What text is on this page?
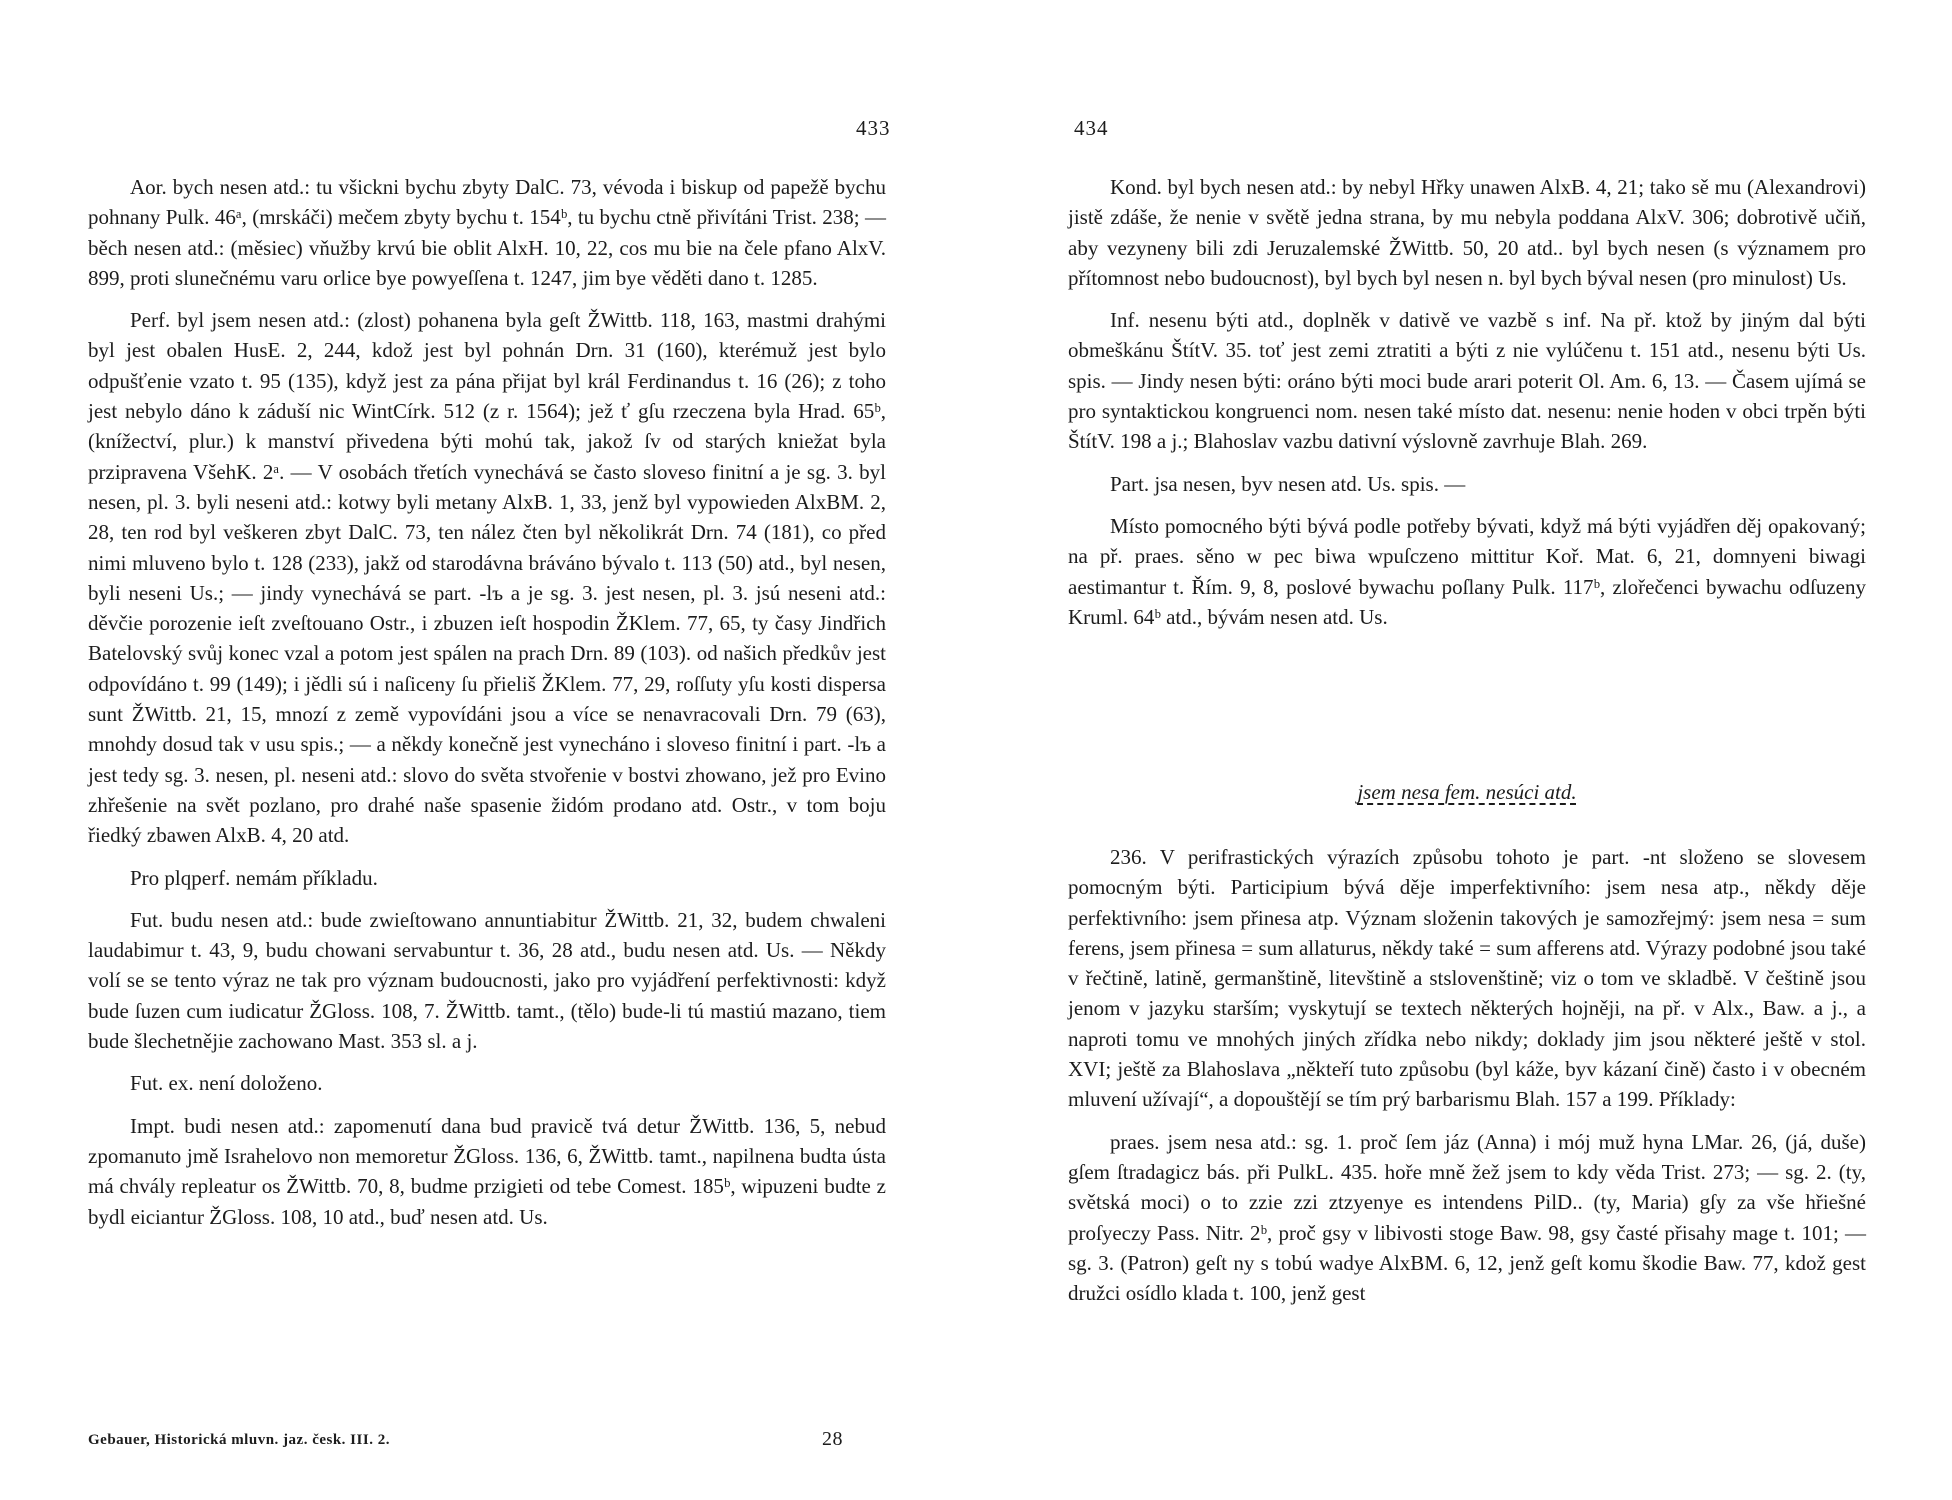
433

Aor. bych nesen atd.: tu všickni bychu zbyty DalC. 73, vévoda i biskup od papežě bychu pohnany Pulk. 46ᵃ, (mrskáči) mečem zbyty bychu t. 154ᵇ, tu bychu ctně přivítáni Trist. 238; — běch nesen atd.: (měsiec) vňužby krvú bie oblit AlxH. 10, 22, cos mu bie na čele pfano AlxV. 899, proti slunečnému varu orlice bye powyeſſena t. 1247, jim bye věděti dano t. 1285.

Perf. byl jsem nesen atd.: (zlost) pohanena byla geſt ŽWittb. 118, 163, mastmi drahými byl jest obalen HusE. 2, 244, kdož jest byl pohnán Drn. 31 (160), kterémuž jest bylo odpušťenie vzato t. 95 (135), když jest za pána přijat byl král Ferdinandus t. 16 (26); z toho jest nebylo dáno k záduší nic WintCírk. 512 (z r. 1564); jež ť gſu rzeczena byla Hrad. 65ᵇ, (knížectví, plur.) k manství přivedena býti mohú tak, jakož ſv od starých kniežat byla przipravena VšehK. 2ᵃ. — V osobách třetích vynechává se často sloveso finitní a je sg. 3. byl nesen, pl. 3. byli neseni atd.: kotwy byli metany AlxB. 1, 33, jenž byl vypowieden AlxBM. 2, 28, ten rod byl veškeren zbyt DalC. 73, ten nález čten byl několikrát Drn. 74 (181), co před nimi mluveno bylo t. 128 (233), jakž od starodávna bráváno bývalo t. 113 (50) atd., byl nesen, byli neseni Us.; — jindy vynechává se part. -lъ a je sg. 3. jest nesen, pl. 3. jsú neseni atd.: děvčie porozenie ieſt zveſtouano Ostr., i zbuzen ieſt hospodin ŽKlem. 77, 65, ty časy Jindřich Batelovský svůj konec vzal a potom jest spálen na prach Drn. 89 (103). od našich předkův jest odpovídáno t. 99 (149); i jědli sú i naſiceny ſu přieliš ŽKlem. 77, 29, roſſuty yſu kosti dispersa sunt ŽWittb. 21, 15, mnozí z země vypovídáni jsou a více se nenavracovali Drn. 79 (63), mnohdy dosud tak v usu spis.; — a někdy konečně jest vynecháno i sloveso finitní i part. -lъ a jest tedy sg. 3. nesen, pl. neseni atd.: slovo do světa stvořenie v bostvi zhowano, jež pro Evino zhřešenie na svět pozlano, pro drahé naše spasenie židóm prodano atd. Ostr., v tom boju řiedký zbawen AlxB. 4, 20 atd.

Pro plqperf. nemám příkladu.

Fut. budu nesen atd.: bude zwieſtowano annuntiabitur ŽWittb. 21, 32, budem chwaleni laudabimur t. 43, 9, budu chowani servabuntur t. 36, 28 atd., budu nesen atd. Us. — Někdy volí se se tento výraz ne tak pro význam budoucnosti, jako pro vyjádření perfektivnosti: když bude ſuzen cum iudicatur ŽGloss. 108, 7. ŽWittb. tamt., (tělo) bude-li tú mastiú mazano, tiem bude šlechetnějie zachowano Mast. 353 sl. a j.

Fut. ex. není doloženo.

Impt. budi nesen atd.: zapomenutí dana bud pravicě tvá detur ŽWittb. 136, 5, nebud zpomanuto jmě Israhelovo non memoretur ŽGloss. 136, 6, ŽWittb. tamt., napilnena budta ústa má chvály repleatur os ŽWittb. 70, 8, budme przigieti od tebe Comest. 185ᵇ, wipuzeni budte z bydl eiciantur ŽGloss. 108, 10 atd., buď nesen atd. Us.

Gebauer, Historická mluvn. jaz. česk. III. 2.	28
434

Kond. byl bych nesen atd.: by nebyl Hřky unawen AlxB. 4, 21; tako sě mu (Alexandrovi) jistě zdáše, že nenie v světě jedna strana, by mu nebyla poddana AlxV. 306; dobrotivě učiň, aby vezyneny bili zdi Jeruzalemské ŽWittb. 50, 20 atd.. byl bych nesen (s významem pro přítomnost nebo budoucnost), byl bych byl nesen n. byl bych býval nesen (pro minulost) Us.

Inf. nesenu býti atd., doplněk v dativě ve vazbě s inf. Na př. ktož by jiným dal býti obmeškánu ŠtítV. 35. toť jest zemi ztratiti a býti z nie vylúčenu t. 151 atd., nesenu býti Us. spis. — Jindy nesen býti: oráno býti moci bude arari poterit Ol. Am. 6, 13. — Časem ujímá se pro syntaktickou kongruenci nom. nesen také místo dat. nesenu: nenie hoden v obci trpěn býti ŠtítV. 198 a j.; Blahoslav vazbu dativní výslovně zavrhuje Blah. 269.

Part. jsa nesen, byv nesen atd. Us. spis. —

Místo pomocného býti bývá podle potřeby bývati, když má býti vyjádřen děj opakovaný; na př. praes. sěno w pec biwa wpuſczeno mittitur Koř. Mat. 6, 21, domnyeni biwagi aestimantur t. Řím. 9, 8, poslové bywachu poſlany Pulk. 117ᵇ, zlořečenci bywachu odſuzeny Kruml. 64ᵇ atd., bývám nesen atd. Us.

jsem nesa fem. nesúci atd.

236. V perifrastických výrazích způsobu tohoto je part. -nt složeno se slovesem pomocným býti. Participium bývá děje imperfektivního: jsem nesa atp., někdy děje perfektivního: jsem přinesa atp. Význam složenin takových je samozřejmý: jsem nesa = sum ferens, jsem přinesa = sum allaturus, někdy také = sum afferens atd. Výrazy podobné jsou také v řečtině, latině, germanštině, litevštině a stslovenštině; viz o tom ve skladbě. V češtině jsou jenom v jazyku starším; vyskytují se textech některých hojněji, na př. v Alx., Baw. a j., a naproti tomu ve mnohých jiných zřídka nebo nikdy; doklady jim jsou některé ještě v stol. XVI; ještě za Blahoslava „někteří tuto způsobu (byl káže, byv kázaní čině) často i v obecném mluvení užívají“, a dopouštějí se tím prý barbarismu Blah. 157 a 199. Příklady:

praes. jsem nesa atd.: sg. 1. proč ſem jáz (Anna) i mój muž hyna LMar. 26, (já, duše) gſem ſtradagicz bás. při PulkL. 435. hoře mně žež jsem to kdy věda Trist. 273; — sg. 2. (ty, světská moci) o to zzie zzi ztzyenye es intendens PilD.. (ty, Maria) gſy za vše hřiešné proſyeczy Pass. Nitr. 2ᵇ, proč gsy v libivosti stoge Baw. 98, gsy časté přisahy mage t. 101; — sg. 3. (Patron) geſt ny s tobú wadye AlxBM. 6, 12, jenž geſt komu škodie Baw. 77, kdož gest družci osídlo klada t. 100, jenž gest
